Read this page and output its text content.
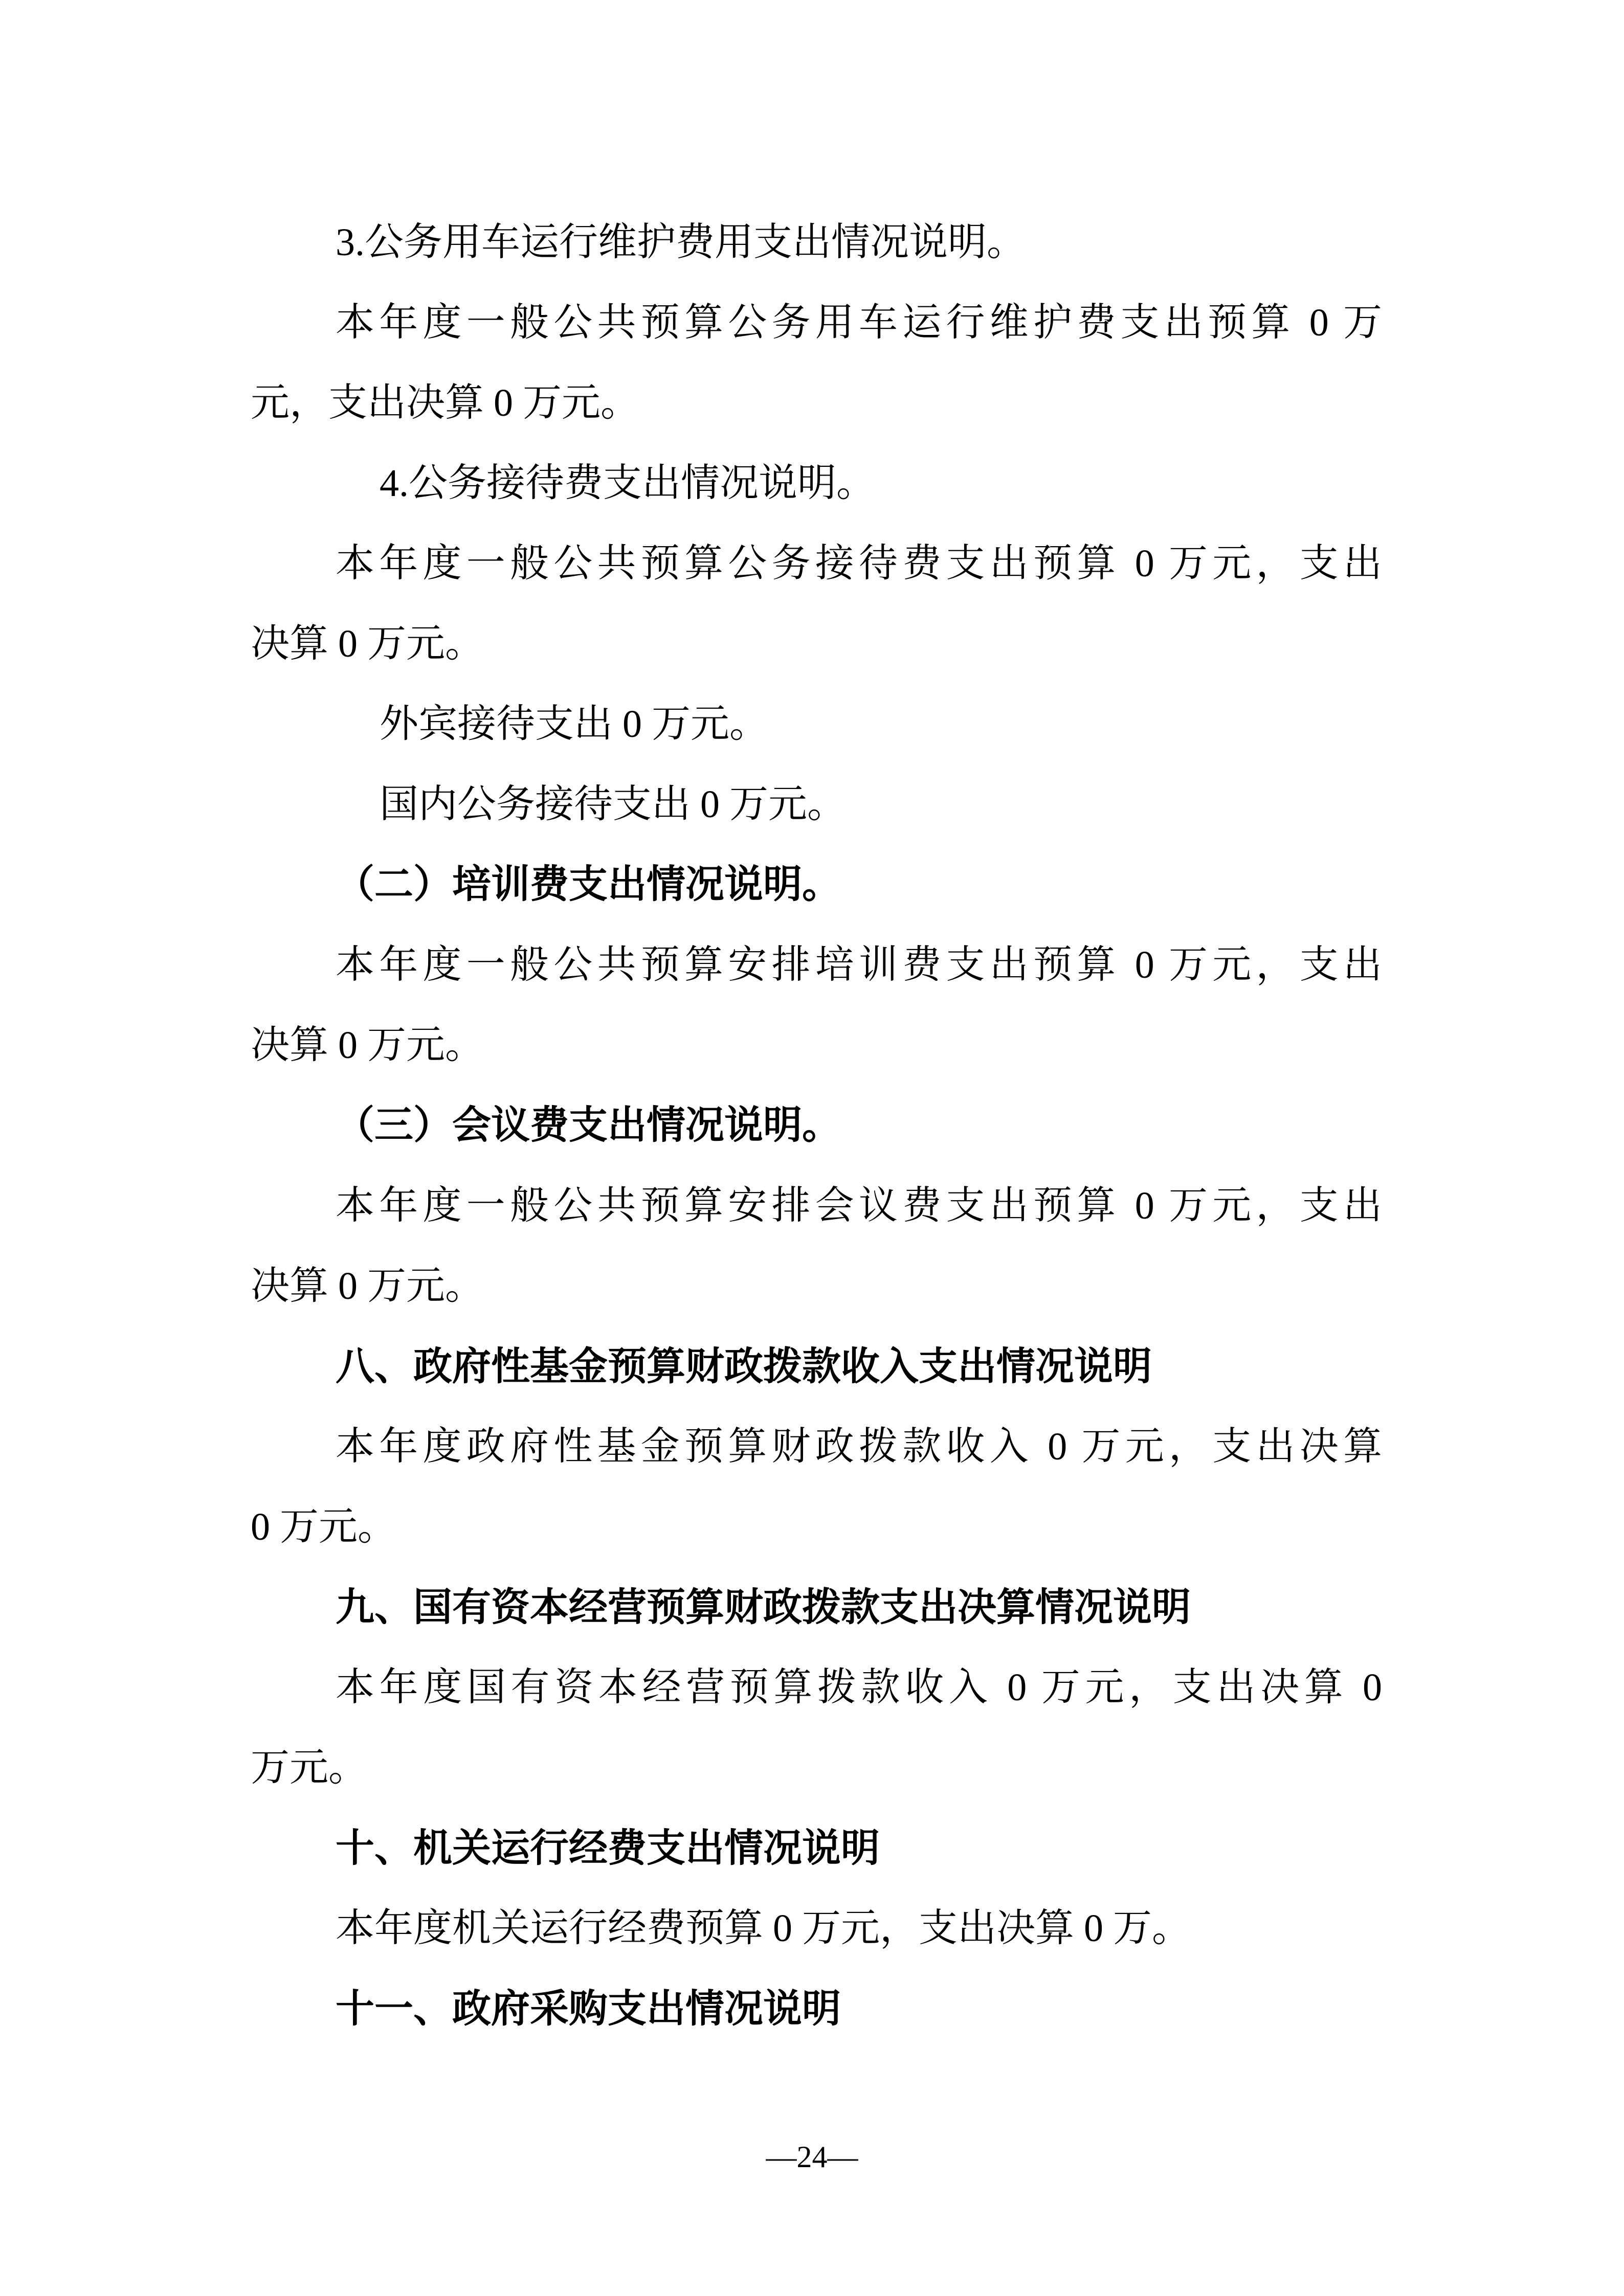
3.公务用车运行维护费用支出情况说明。
本年度一般公共预算公务用车运行维护费支出预算 0 万
元，支出决算 0 万元。
4.公务接待费支出情况说明。
本年度一般公共预算公务接待费支出预算 0 万元，支出
决算 0 万元。
外宾接待支出 0 万元。
国内公务接待支出 0 万元。
（二）培训费支出情况说明。
本年度一般公共预算安排培训费支出预算 0 万元，支出
决算 0 万元。
（三）会议费支出情况说明。
本年度一般公共预算安排会议费支出预算 0 万元，支出
决算 0 万元。
八、政府性基金预算财政拨款收入支出情况说明
本年度政府性基金预算财政拨款收入 0 万元，支出决算
0 万元。
九、国有资本经营预算财政拨款支出决算情况说明
本年度国有资本经营预算拨款收入 0 万元，支出决算 0
万元。
十、机关运行经费支出情况说明
本年度机关运行经费预算 0 万元，支出决算 0 万。
十一、政府采购支出情况说明
—24—
